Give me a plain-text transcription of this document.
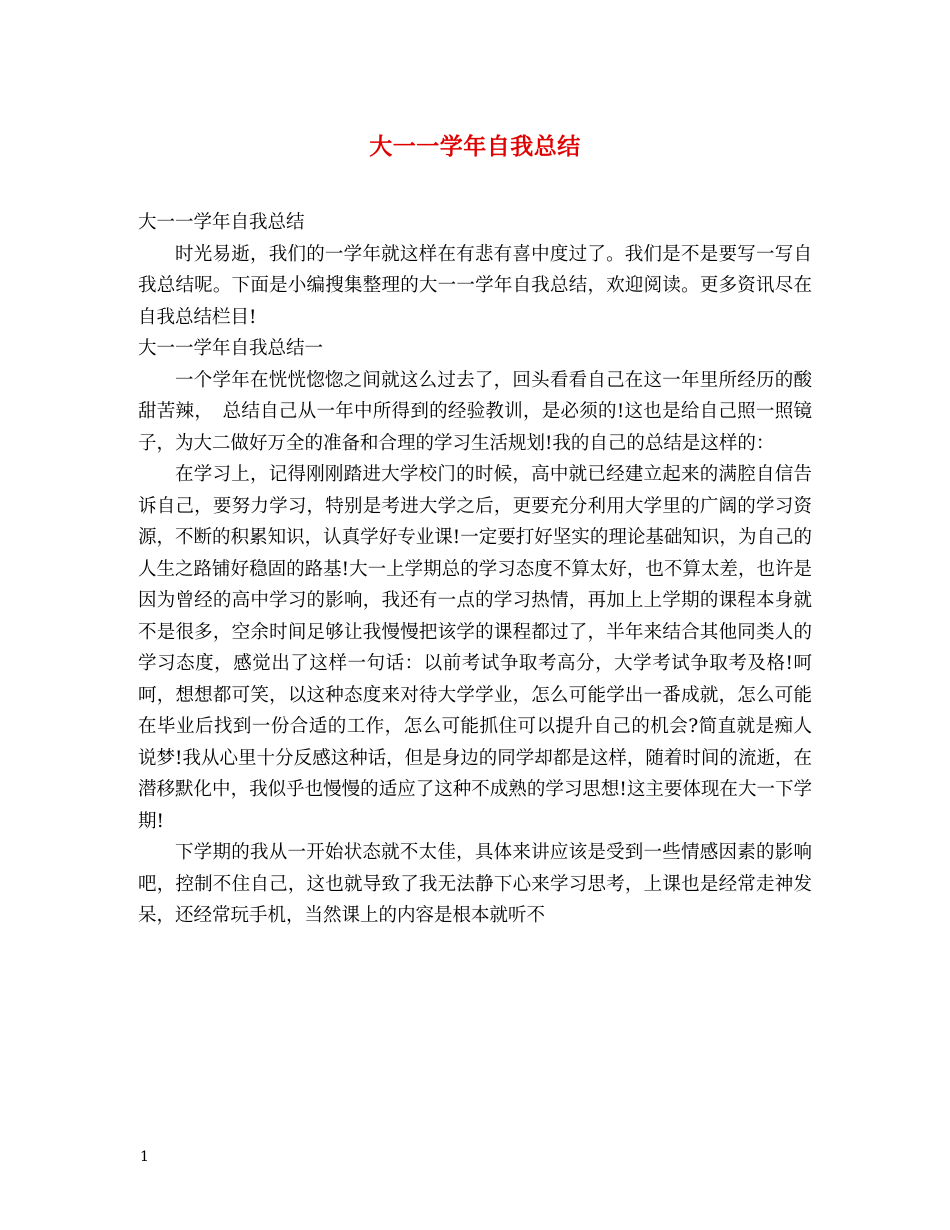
大一一学年自我总结

大一一学年自我总结

时光易逝，我们的一学年就这样在有悲有喜中度过了。我们是不是要写一写自我总结呢。下面是小编搜集整理的大一一学年自我总结，欢迎阅读。更多资讯尽在自我总结栏目!

大一一学年自我总结一

一个学年在恍恍惚惚之间就这么过去了，回头看看自己在这一年里所经历的酸甜苦辣，　总结自己从一年中所得到的经验教训，是必须的!这也是给自己照一照镜子，为大二做好万全的准备和合理的学习生活规划!我的自己的总结是这样的：

在学习上，记得刚刚踏进大学校门的时候，高中就已经建立起来的满腔自信告诉自己，要努力学习，特别是考进大学之后，更要充分利用大学里的广阔的学习资源，不断的积累知识，认真学好专业课!一定要打好坚实的理论基础知识，为自己的人生之路铺好稳固的路基!大一上学期总的学习态度不算太好，也不算太差，也许是因为曾经的高中学习的影响，我还有一点的学习热情，再加上上学期的课程本身就不是很多，空余时间足够让我慢慢把该学的课程都过了，半年来结合其他同类人的学习态度，感觉出了这样一句话：以前考试争取考高分，大学考试争取考及格!呵呵，想想都可笑，以这种态度来对待大学学业，怎么可能学出一番成就，怎么可能在毕业后找到一份合适的工作，怎么可能抓住可以提升自己的机会?简直就是痴人说梦!我从心里十分反感这种话，但是身边的同学却都是这样，随着时间的流逝，在潜移默化中，我似乎也慢慢的适应了这种不成熟的学习思想!这主要体现在大一下学期!

下学期的我从一开始状态就不太佳，具体来讲应该是受到一些情感因素的影响吧，控制不住自己，这也就导致了我无法静下心来学习思考，上课也是经常走神发呆，还经常玩手机，当然课上的内容是根本就听不

1
